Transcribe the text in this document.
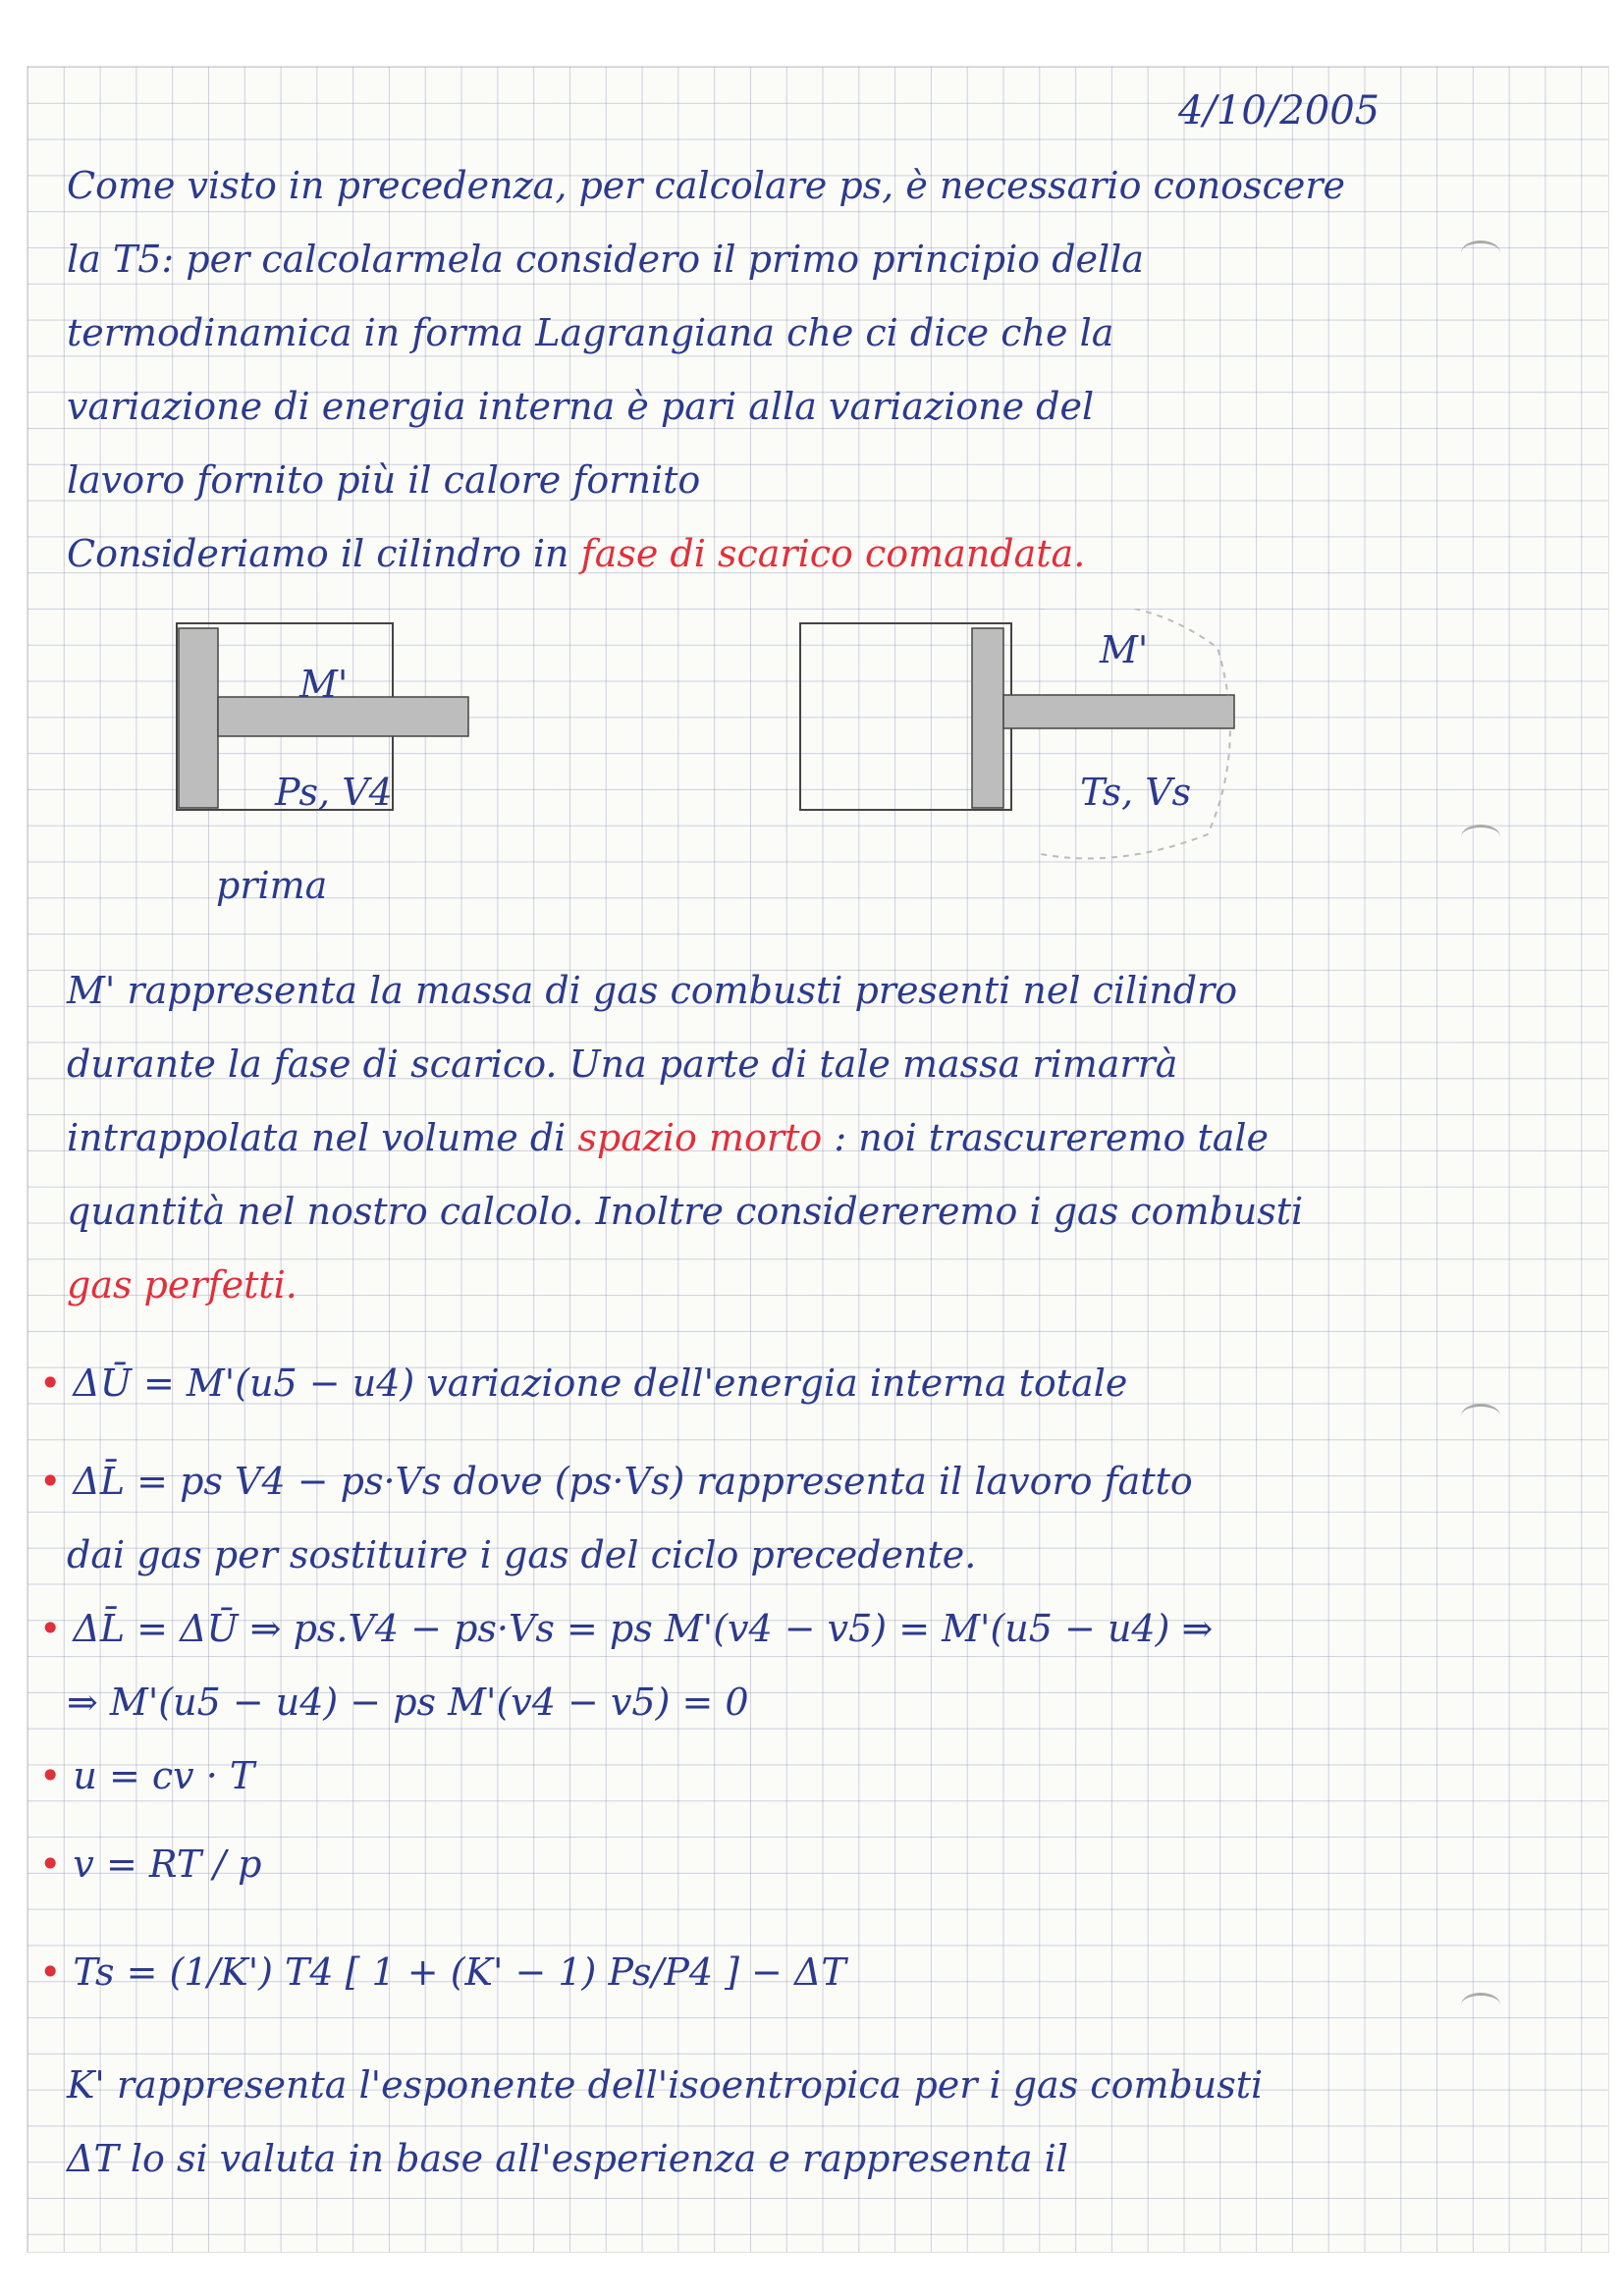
4/10/2005
Come visto in precedenza, per calcolare ps, è necessario conoscere
la T5: per calcolarmela considero il primo principio della
termodinamica in forma Lagrangiana che ci dice che la
variazione di energia interna è pari alla variazione del
lavoro fornito più il calore fornito
Consideriamo il cilindro in fase di scarico comandata.
M'
Ps, V4
M'
Ts, Vs
prima
M' rappresenta la massa di gas combusti presenti nel cilindro
durante la fase di scarico. Una parte di tale massa rimarrà
intrappolata nel volume di spazio morto : noi trascureremo tale
quantità nel nostro calcolo. Inoltre considereremo i gas combusti
gas perfetti.
• ΔŪ = M'(u5 − u4) variazione dell'energia interna totale
• ΔL̄ = ps V4 − ps·Vs dove (ps·Vs) rappresenta il lavoro fatto
dai gas per sostituire i gas del ciclo precedente.
• ΔL̄ = ΔŪ ⇒ ps.V4 − ps·Vs = ps M'(v4 − v5) = M'(u5 − u4) ⇒
⇒ M'(u5 − u4) − ps M'(v4 − v5) = 0
• u = cv · T
• v = RT / p
• Ts = (1/K') T4 [ 1 + (K' − 1) Ps/P4 ] − ΔT
K' rappresenta l'esponente dell'isoentropica per i gas combusti
ΔT lo si valuta in base all'esperienza e rappresenta il
